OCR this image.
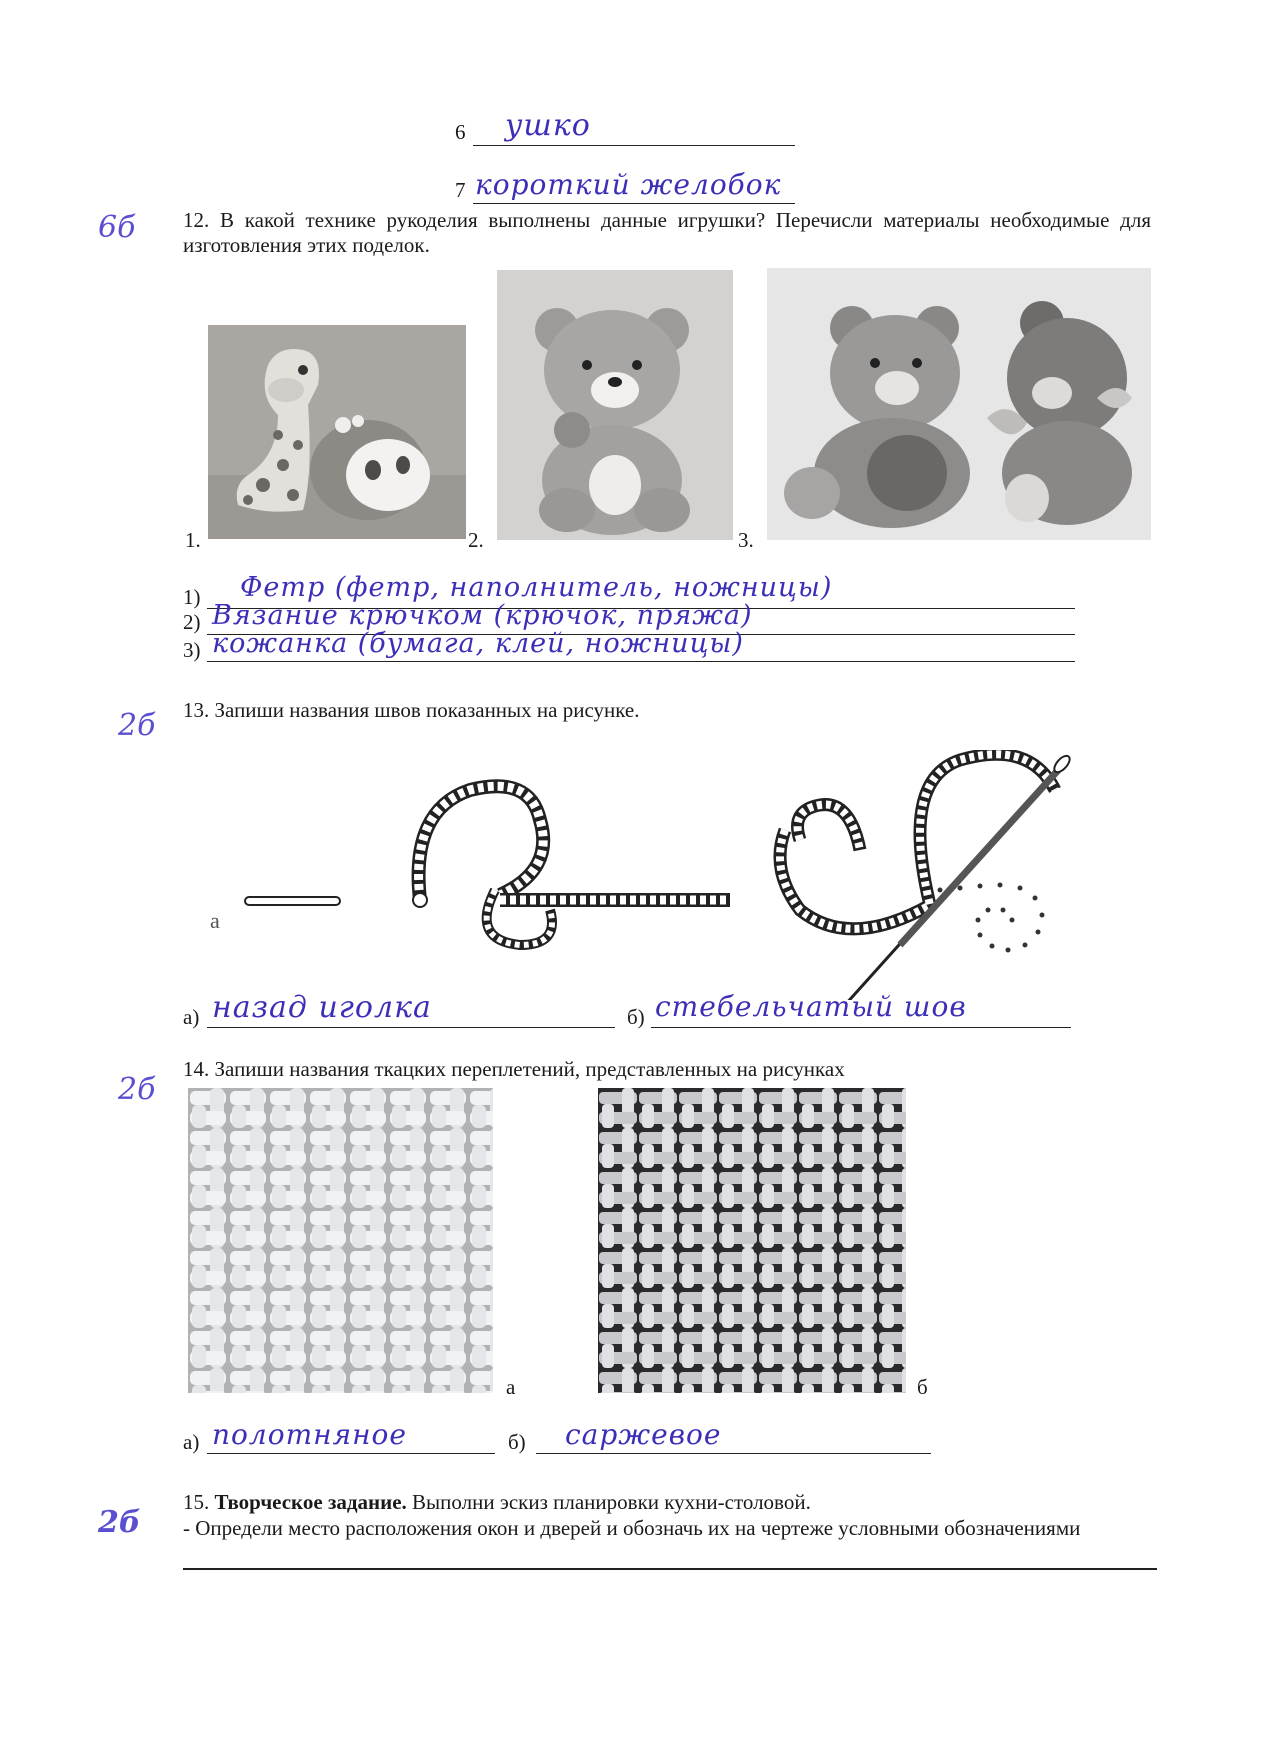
6 ушко
7 короткий желобок
6б 12. В какой технике рукоделия выполнены данные игрушки? Перечисли материалы необходимые для изготовления этих поделок.
1.	2.	3.
1) Фетр (фетр, наполнитель, ножницы)
2) Вязание крючком (крючок, пряжа)
3) кожанка (бумага, клей, ножницы)
2б 13. Запиши названия швов показанных на рисунке.
а
а) назад иголка	б) стебельчатый шов
2б
14. Запиши названия ткацких переплетений, представленных на рисунках
а	б
а) полотняное	б) саржевое
2б
15. Творческое задание. Выполни эскиз планировки кухни-столовой.
- Определи место расположения окон и дверей и обозначь их на чертеже условными обозначениями
